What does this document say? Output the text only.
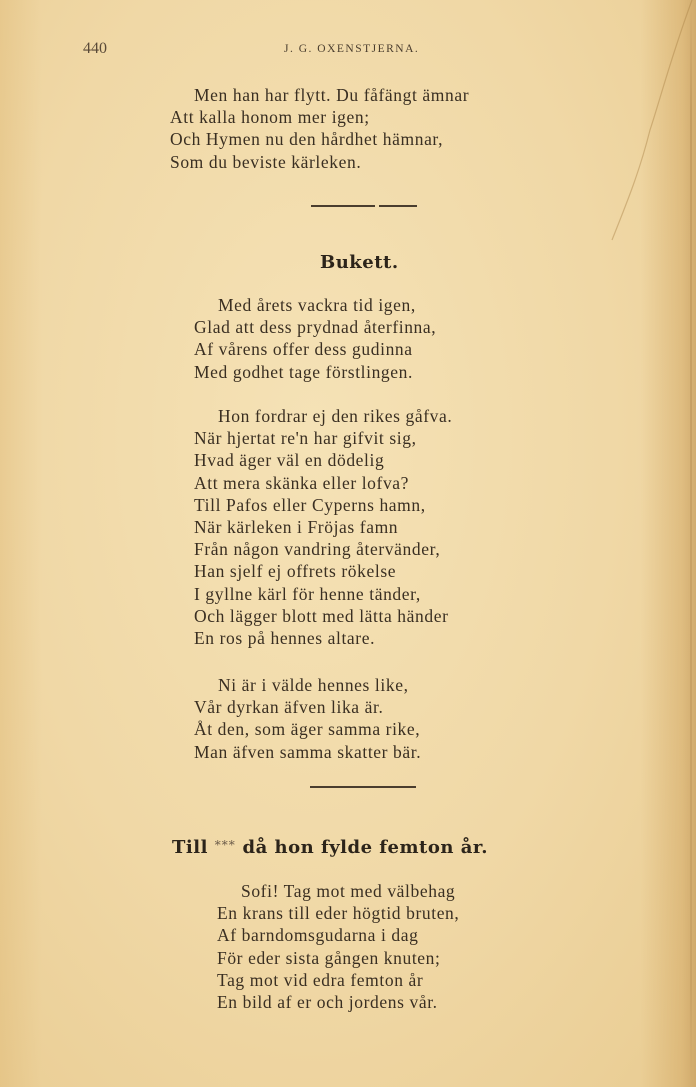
440	J. G. OXENSTJERNA.
Men han har flytt. Du fåfängt ämnar
Att kalla honom mer igen;
Och Hymen nu den hårdhet hämnar,
Som du beviste kärleken.
Bukett.
Med årets vackra tid igen,
Glad att dess prydnad återfinna,
Af vårens offer dess gudinna
Med godhet tage förstlingen.
Hon fordrar ej den rikes gåfva.
När hjertat re'n har gifvit sig,
Hvad äger väl en dödelig
Att mera skänka eller lofva?
Till Pafos eller Cyperns hamn,
När kärleken i Fröjas famn
Från någon vandring återvänder,
Han sjelf ej offrets rökelse
I gyllne kärl för henne tänder,
Och lägger blott med lätta händer
En ros på hennes altare.
Ni är i välde hennes like,
Vår dyrkan äfven lika är.
Åt den, som äger samma rike,
Man äfven samma skatter bär.
Till *** då hon fylde femton år.
Sofi! Tag mot med välbehag
En krans till eder högtid bruten,
Af barndomsgudarna i dag
För eder sista gången knuten;
Tag mot vid edra femton år
En bild af er och jordens vår.
